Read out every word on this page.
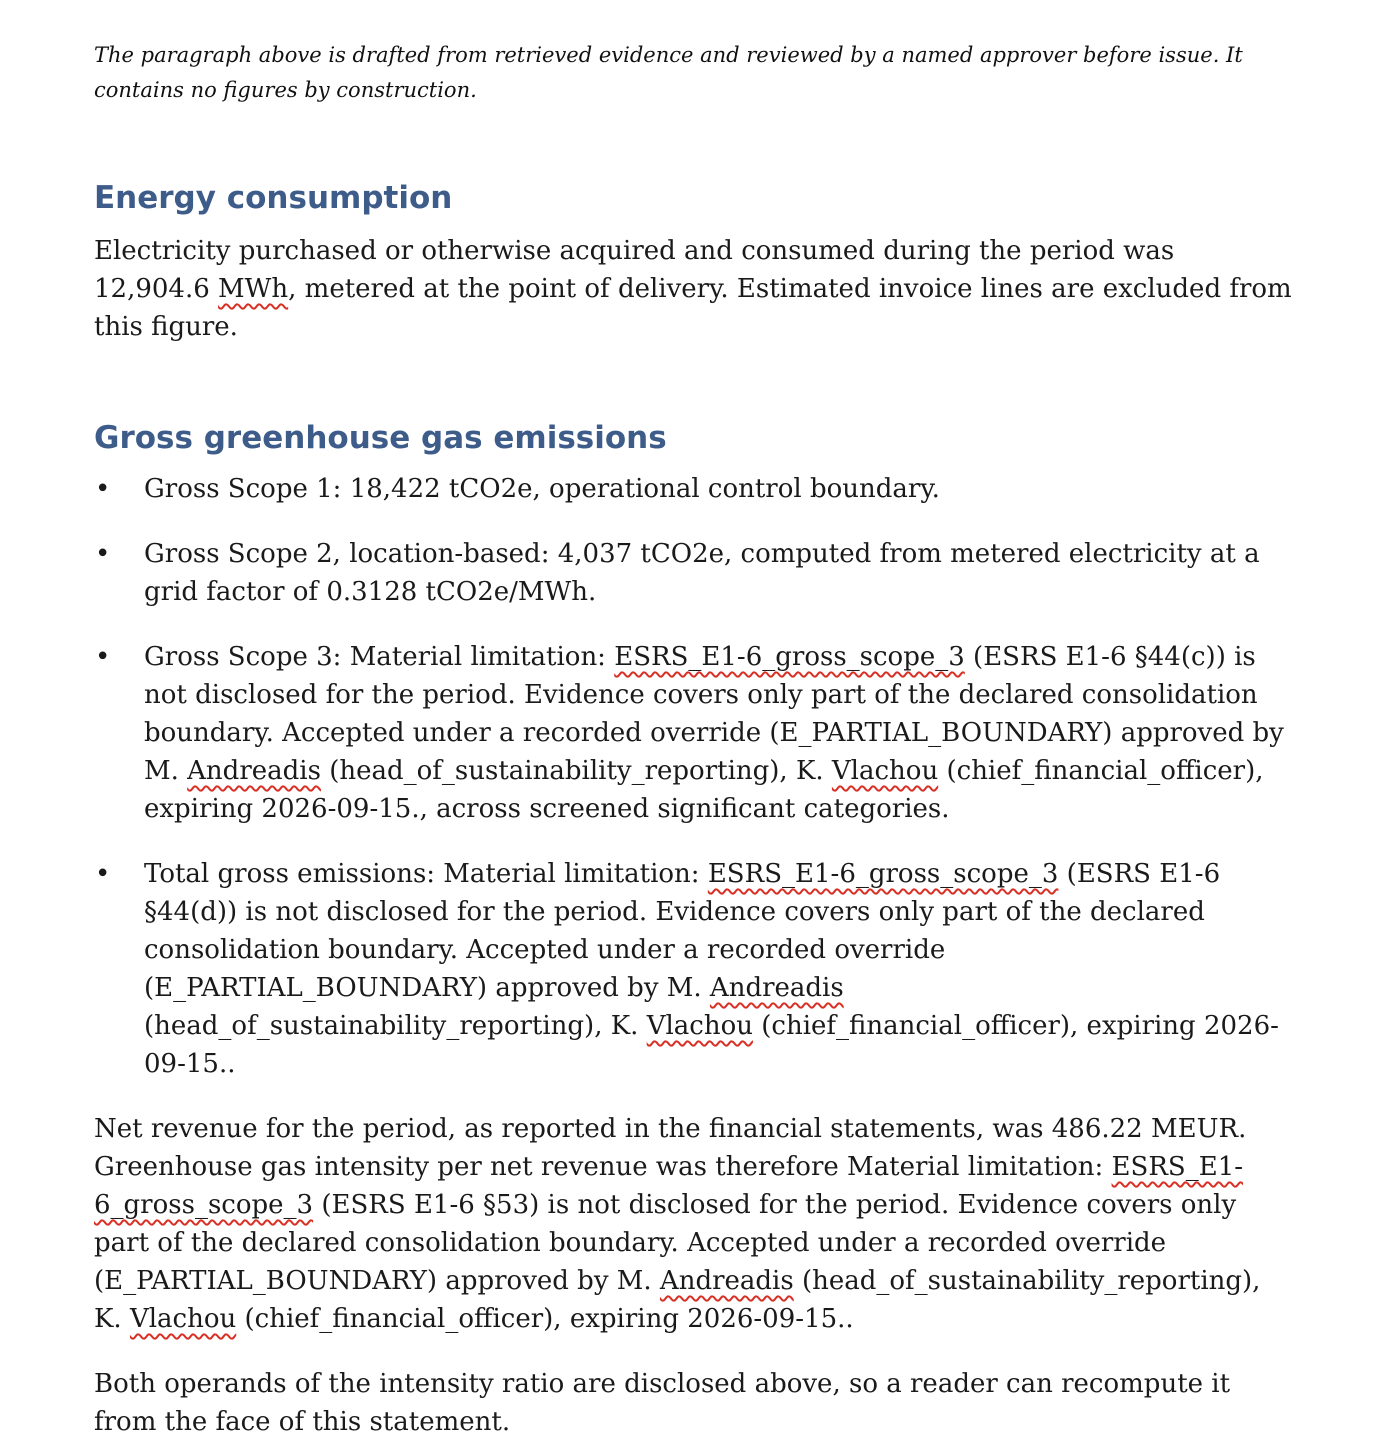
The paragraph above is drafted from retrieved evidence and reviewed by a named approver before issue. It contains no figures by construction.

Energy consumption

Electricity purchased or otherwise acquired and consumed during the period was 12,904.6 MWh, metered at the point of delivery. Estimated invoice lines are excluded from this figure.

Gross greenhouse gas emissions
• Gross Scope 1: 18,422 tCO2e, operational control boundary.
• Gross Scope 2, location-based: 4,037 tCO2e, computed from metered electricity at a grid factor of 0.3128 tCO2e/MWh.
• Gross Scope 3: Material limitation: ESRS_E1-6_gross_scope_3 (ESRS E1-6 §44(c)) is not disclosed for the period. Evidence covers only part of the declared consolidation boundary. Accepted under a recorded override (E_PARTIAL_BOUNDARY) approved by M. Andreadis (head_of_sustainability_reporting), K. Vlachou (chief_financial_officer), expiring 2026-09-15., across screened significant categories.
• Total gross emissions: Material limitation: ESRS_E1-6_gross_scope_3 (ESRS E1-6 §44(d)) is not disclosed for the period. Evidence covers only part of the declared consolidation boundary. Accepted under a recorded override (E_PARTIAL_BOUNDARY) approved by M. Andreadis (head_of_sustainability_reporting), K. Vlachou (chief_financial_officer), expiring 2026-09-15..

Net revenue for the period, as reported in the financial statements, was 486.22 MEUR. Greenhouse gas intensity per net revenue was therefore Material limitation: ESRS_E1-6_gross_scope_3 (ESRS E1-6 §53) is not disclosed for the period. Evidence covers only part of the declared consolidation boundary. Accepted under a recorded override (E_PARTIAL_BOUNDARY) approved by M. Andreadis (head_of_sustainability_reporting), K. Vlachou (chief_financial_officer), expiring 2026-09-15..

Both operands of the intensity ratio are disclosed above, so a reader can recompute it from the face of this statement.
